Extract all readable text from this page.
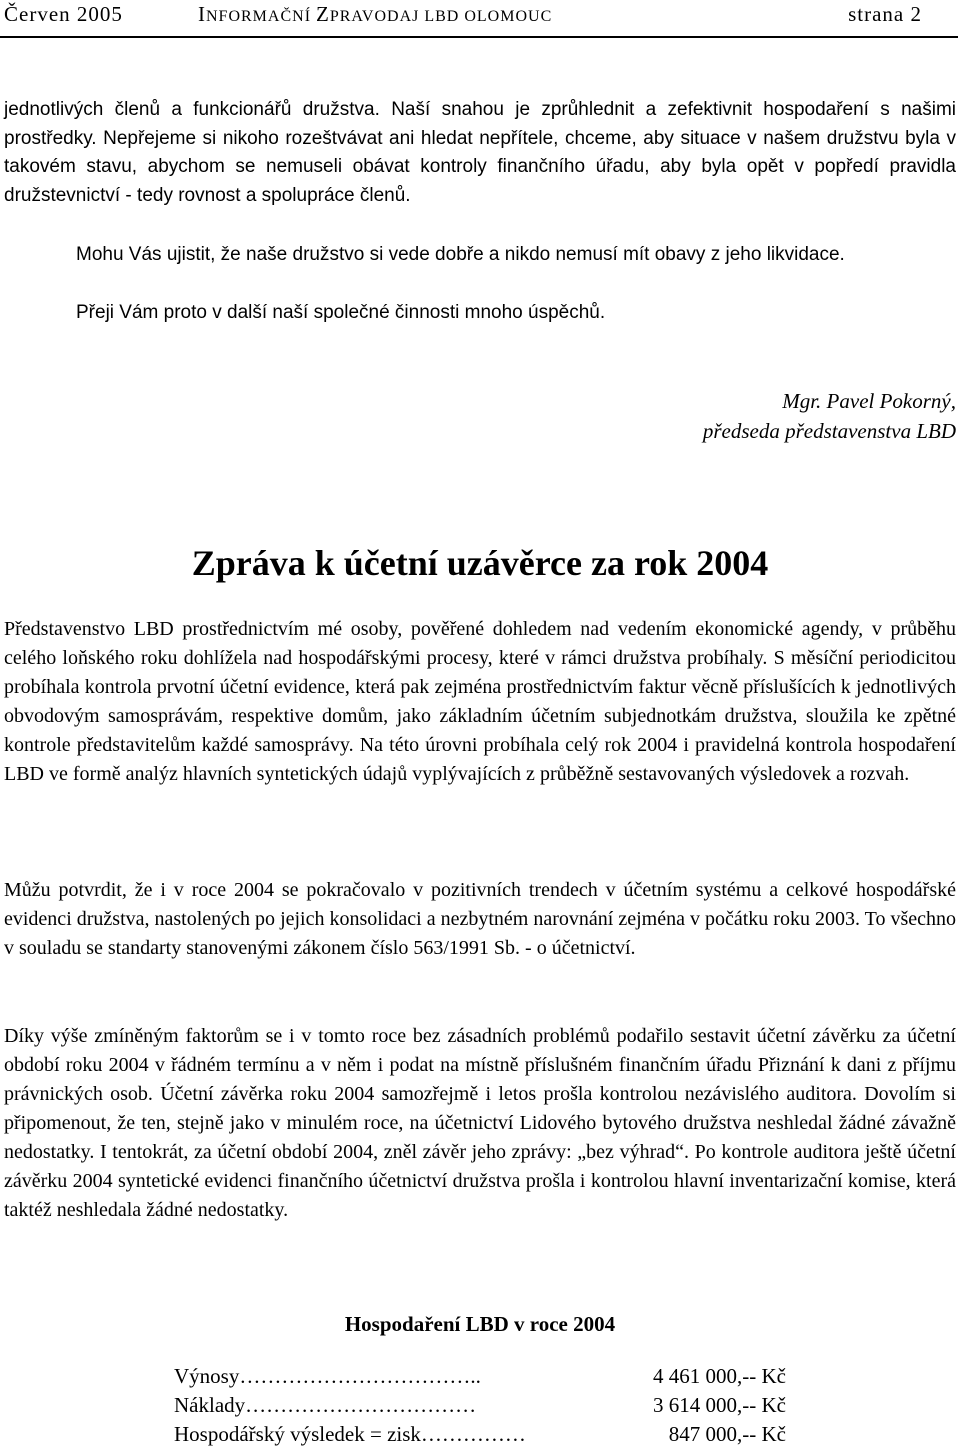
Červen 2005	INFORMAČNÍ ZPRAVODAJ LBD OLOMOUC	strana 2

jednotlivých členů a funkcionářů družstva. Naší snahou je zprůhlednit a zefektivnit hospodaření s našimi prostředky. Nepřejeme si nikoho rozeštvávat ani hledat nepřítele, chceme, aby situace v našem družstvu byla v takovém stavu, abychom se nemuseli obávat kontroly finančního úřadu, aby byla opět v popředí pravidla družstevnictví - tedy rovnost a spolupráce členů.

Mohu Vás ujistit, že naše družstvo si vede dobře a nikdo nemusí mít obavy z jeho likvidace.

Přeji Vám proto v další naší společné činnosti mnoho úspěchů.

Mgr. Pavel Pokorný,
předseda představenstva LBD
Zpráva k účetní uzávěrce za rok 2004

Představenstvo LBD prostřednictvím mé osoby, pověřené dohledem nad vedením ekonomické agendy, v průběhu celého loňského roku dohlížela nad hospodářskými procesy, které v rámci družstva probíhaly. S měsíční periodicitou probíhala kontrola prvotní účetní evidence, která pak zejména prostřednictvím faktur věcně příslušících k jednotlivých obvodovým samosprávám, respektive domům, jako základním účetním subjednotkám družstva, sloužila ke zpětné kontrole představitelům každé samosprávy. Na této úrovni probíhala celý rok 2004 i pravidelná kontrola hospodaření LBD ve formě analýz hlavních syntetických údajů vyplývajících z průběžně sestavovaných výsledovek a rozvah.

Můžu potvrdit, že i v roce 2004 se pokračovalo v pozitivních trendech v účetním systému a celkové hospodářské evidenci družstva, nastolených po jejich konsolidaci a nezbytném narovnání zejména v počátku roku 2003. To všechno v souladu se standarty stanovenými zákonem číslo 563/1991 Sb. - o účetnictví.

Díky výše zmíněným faktorům se i v tomto roce bez zásadních problémů podařilo sestavit účetní závěrku za účetní období roku 2004 v řádném termínu a v něm i podat na místně příslušném finančním úřadu Přiznání k dani z příjmu právnických osob. Účetní závěrka roku 2004 samozřejmě i letos prošla kontrolou nezávislého auditora. Dovolím si připomenout, že ten, stejně jako v minulém roce, na účetnictví Lidového bytového družstva neshledal žádné závažně nedostatky. I tentokrát, za účetní období 2004, zněl závěr jeho zprávy: „bez výhrad“. Po kontrole auditora ještě účetní závěrku 2004 syntetické evidenci finančního účetnictví družstva prošla i kontrolou hlavní inventarizační komise, která taktéž neshledala žádné nedostatky.

Hospodaření LBD v roce 2004
Výnosy……………………………..	4 461 000,-- Kč
Náklady……………………………	3 614 000,-- Kč
Hospodářský výsledek = zisk……………	847 000,-- Kč
